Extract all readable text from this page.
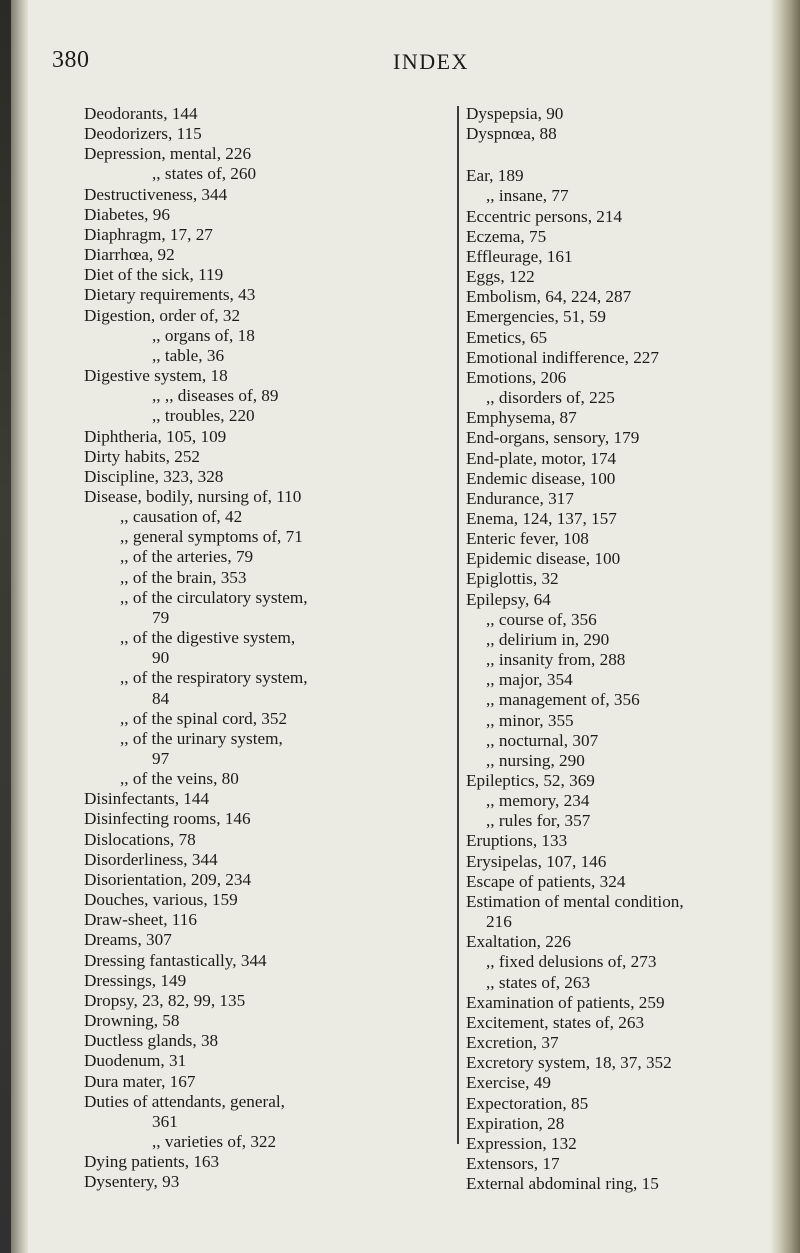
380	INDEX
Deodorants, 144
Deodorizers, 115
Depression, mental, 226
,, states of, 260
Destructiveness, 344
Diabetes, 96
Diaphragm, 17, 27
Diarrhœa, 92
Diet of the sick, 119
Dietary requirements, 43
Digestion, order of, 32
,, organs of, 18
,, table, 36
Digestive system, 18
,, ,, diseases of, 89
,, troubles, 220
Diphtheria, 105, 109
Dirty habits, 252
Discipline, 323, 328
Disease, bodily, nursing of, 110
,, causation of, 42
,, general symptoms of, 71
,, of the arteries, 79
,, of the brain, 353
,, of the circulatory system,
79
,, of the digestive system,
90
,, of the respiratory system,
84
,, of the spinal cord, 352
,, of the urinary system,
97
,, of the veins, 80
Disinfectants, 144
Disinfecting rooms, 146
Dislocations, 78
Disorderliness, 344
Disorientation, 209, 234
Douches, various, 159
Draw-sheet, 116
Dreams, 307
Dressing fantastically, 344
Dressings, 149
Dropsy, 23, 82, 99, 135
Drowning, 58
Ductless glands, 38
Duodenum, 31
Dura mater, 167
Duties of attendants, general,
361
,, varieties of, 322
Dying patients, 163
Dysentery, 93
Dyspepsia, 90
Dyspnœa, 88
Ear, 189
,, insane, 77
Eccentric persons, 214
Eczema, 75
Effleurage, 161
Eggs, 122
Embolism, 64, 224, 287
Emergencies, 51, 59
Emetics, 65
Emotional indifference, 227
Emotions, 206
,, disorders of, 225
Emphysema, 87
End-organs, sensory, 179
End-plate, motor, 174
Endemic disease, 100
Endurance, 317
Enema, 124, 137, 157
Enteric fever, 108
Epidemic disease, 100
Epiglottis, 32
Epilepsy, 64
,, course of, 356
,, delirium in, 290
,, insanity from, 288
,, major, 354
,, management of, 356
,, minor, 355
,, nocturnal, 307
,, nursing, 290
Epileptics, 52, 369
,, memory, 234
,, rules for, 357
Eruptions, 133
Erysipelas, 107, 146
Escape of patients, 324
Estimation of mental condition,
216
Exaltation, 226
,, fixed delusions of, 273
,, states of, 263
Examination of patients, 259
Excitement, states of, 263
Excretion, 37
Excretory system, 18, 37, 352
Exercise, 49
Expectoration, 85
Expiration, 28
Expression, 132
Extensors, 17
External abdominal ring, 15
